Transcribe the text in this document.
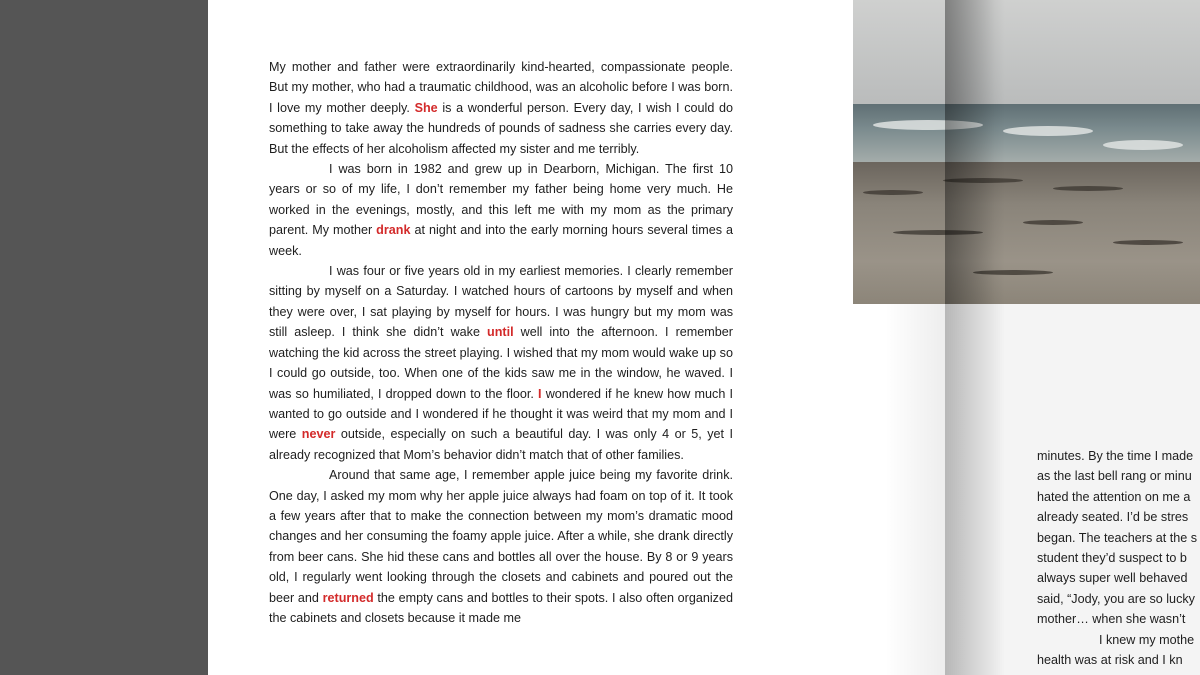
My mother and father were extraordinarily kind-hearted, compassionate people. But my mother, who had a traumatic childhood, was an alcoholic before I was born. I love my mother deeply. She is a wonderful person. Every day, I wish I could do something to take away the hundreds of pounds of sadness she carries every day. But the effects of her alcoholism affected my sister and me terribly.

I was born in 1982 and grew up in Dearborn, Michigan. The first 10 years or so of my life, I don’t remember my father being home very much. He worked in the evenings, mostly, and this left me with my mom as the primary parent. My mother drank at night and into the early morning hours several times a week.

I was four or five years old in my earliest memories. I clearly remember sitting by myself on a Saturday. I watched hours of cartoons by myself and when they were over, I sat playing by myself for hours. I was hungry but my mom was still asleep. I think she didn’t wake until well into the afternoon. I remember watching the kid across the street playing. I wished that my mom would wake up so I could go outside, too. When one of the kids saw me in the window, he waved. I was so humiliated, I dropped down to the floor. I wondered if he knew how much I wanted to go outside and I wondered if he thought it was weird that my mom and I were never outside, especially on such a beautiful day. I was only 4 or 5, yet I already recognized that Mom’s behavior didn’t match that of other families.

Around that same age, I remember apple juice being my favorite drink. One day, I asked my mom why her apple juice always had foam on top of it. It took a few years after that to make the connection between my mom’s dramatic mood changes and her consuming the foamy apple juice. After a while, she drank directly from beer cans. She hid these cans and bottles all over the house. By 8 or 9 years old, I regularly went looking through the closets and cabinets and poured out the beer and returned the empty cans and bottles to their spots. I also often organized the cabinets and closets because it made me

minutes. By the time I made
as the last bell rang or minu
hated the attention on me a
already seated. I’d be stres
began. The teachers at the s
student they’d suspect to b
always super well behaved
said, “Jody, you are so lucky
mother… when she wasn’t
I knew my mothe
health was at risk and I kn
